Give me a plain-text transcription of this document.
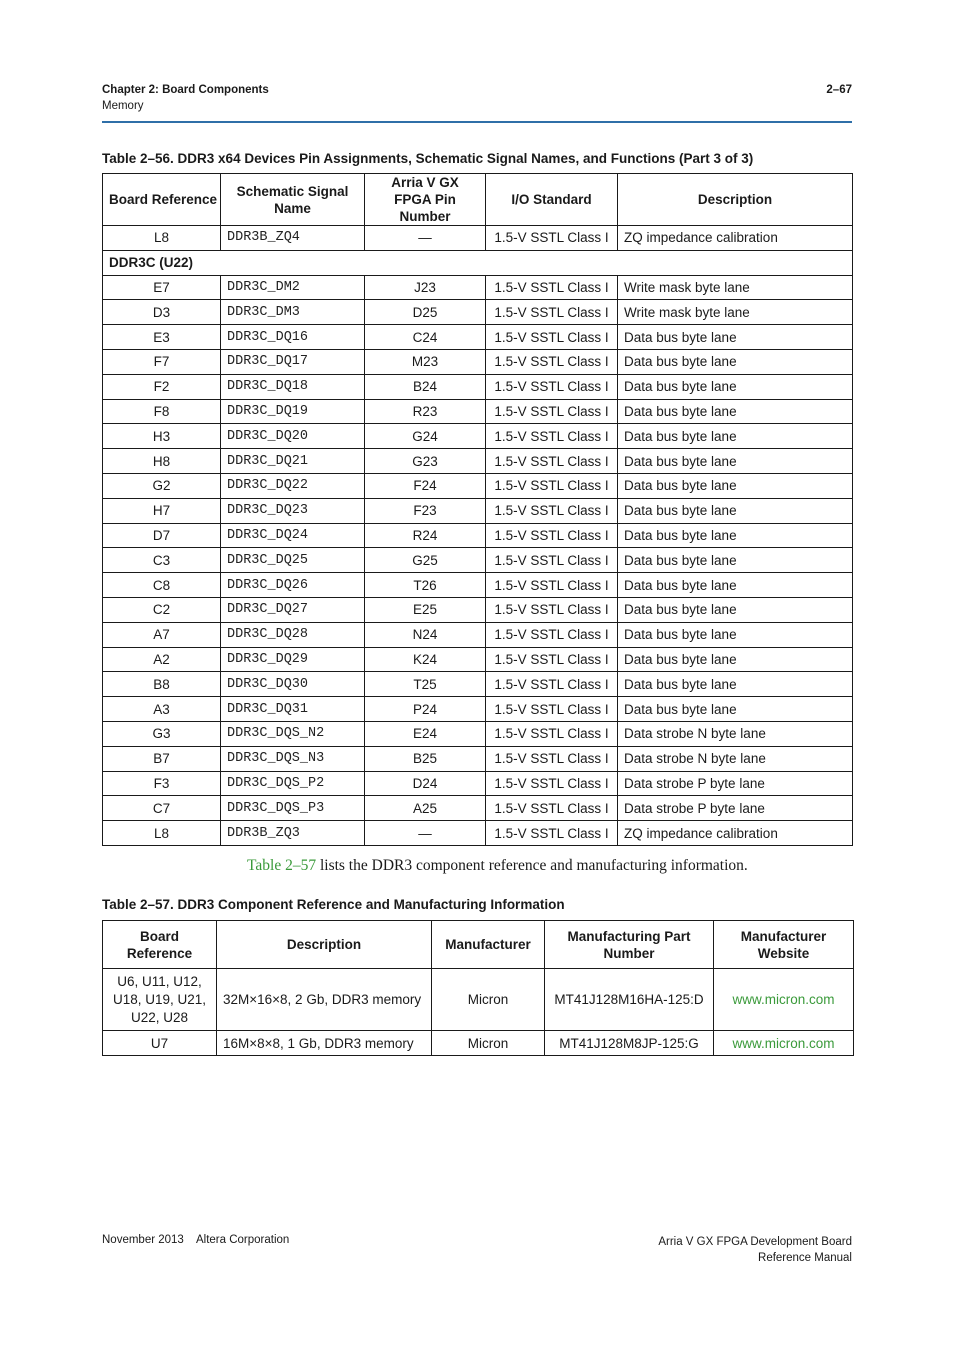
Chapter 2: Board Components
Memory
2–67
Table 2–56. DDR3 x64 Devices Pin Assignments, Schematic Signal Names, and Functions (Part 3 of 3)
Board Reference	Schematic Signal Name	Arria V GX FPGA Pin Number	I/O Standard	Description
L8	DDR3B_ZQ4	—	1.5-V SSTL Class I	ZQ impedance calibration
DDR3C (U22)				
E7	DDR3C_DM2	J23	1.5-V SSTL Class I	Write mask byte lane
D3	DDR3C_DM3	D25	1.5-V SSTL Class I	Write mask byte lane
E3	DDR3C_DQ16	C24	1.5-V SSTL Class I	Data bus byte lane
F7	DDR3C_DQ17	M23	1.5-V SSTL Class I	Data bus byte lane
F2	DDR3C_DQ18	B24	1.5-V SSTL Class I	Data bus byte lane
F8	DDR3C_DQ19	R23	1.5-V SSTL Class I	Data bus byte lane
H3	DDR3C_DQ20	G24	1.5-V SSTL Class I	Data bus byte lane
H8	DDR3C_DQ21	G23	1.5-V SSTL Class I	Data bus byte lane
G2	DDR3C_DQ22	F24	1.5-V SSTL Class I	Data bus byte lane
H7	DDR3C_DQ23	F23	1.5-V SSTL Class I	Data bus byte lane
D7	DDR3C_DQ24	R24	1.5-V SSTL Class I	Data bus byte lane
C3	DDR3C_DQ25	G25	1.5-V SSTL Class I	Data bus byte lane
C8	DDR3C_DQ26	T26	1.5-V SSTL Class I	Data bus byte lane
C2	DDR3C_DQ27	E25	1.5-V SSTL Class I	Data bus byte lane
A7	DDR3C_DQ28	N24	1.5-V SSTL Class I	Data bus byte lane
A2	DDR3C_DQ29	K24	1.5-V SSTL Class I	Data bus byte lane
B8	DDR3C_DQ30	T25	1.5-V SSTL Class I	Data bus byte lane
A3	DDR3C_DQ31	P24	1.5-V SSTL Class I	Data bus byte lane
G3	DDR3C_DQS_N2	E24	1.5-V SSTL Class I	Data strobe N byte lane
B7	DDR3C_DQS_N3	B25	1.5-V SSTL Class I	Data strobe N byte lane
F3	DDR3C_DQS_P2	D24	1.5-V SSTL Class I	Data strobe P byte lane
C7	DDR3C_DQS_P3	A25	1.5-V SSTL Class I	Data strobe P byte lane
L8	DDR3B_ZQ3	—	1.5-V SSTL Class I	ZQ impedance calibration
Table 2–57 lists the DDR3 component reference and manufacturing information.
Table 2–57. DDR3 Component Reference and Manufacturing Information
Board Reference	Description	Manufacturer	Manufacturing Part Number	Manufacturer Website
U6, U11, U12, U18, U19, U21, U22, U28	32M×16×8, 2 Gb, DDR3 memory	Micron	MT41J128M16HA-125:D	www.micron.com
U7	16M×8×8, 1 Gb, DDR3 memory	Micron	MT41J128M8JP-125:G	www.micron.com
November 2013    Altera Corporation	Arria V GX FPGA Development Board
Reference Manual
